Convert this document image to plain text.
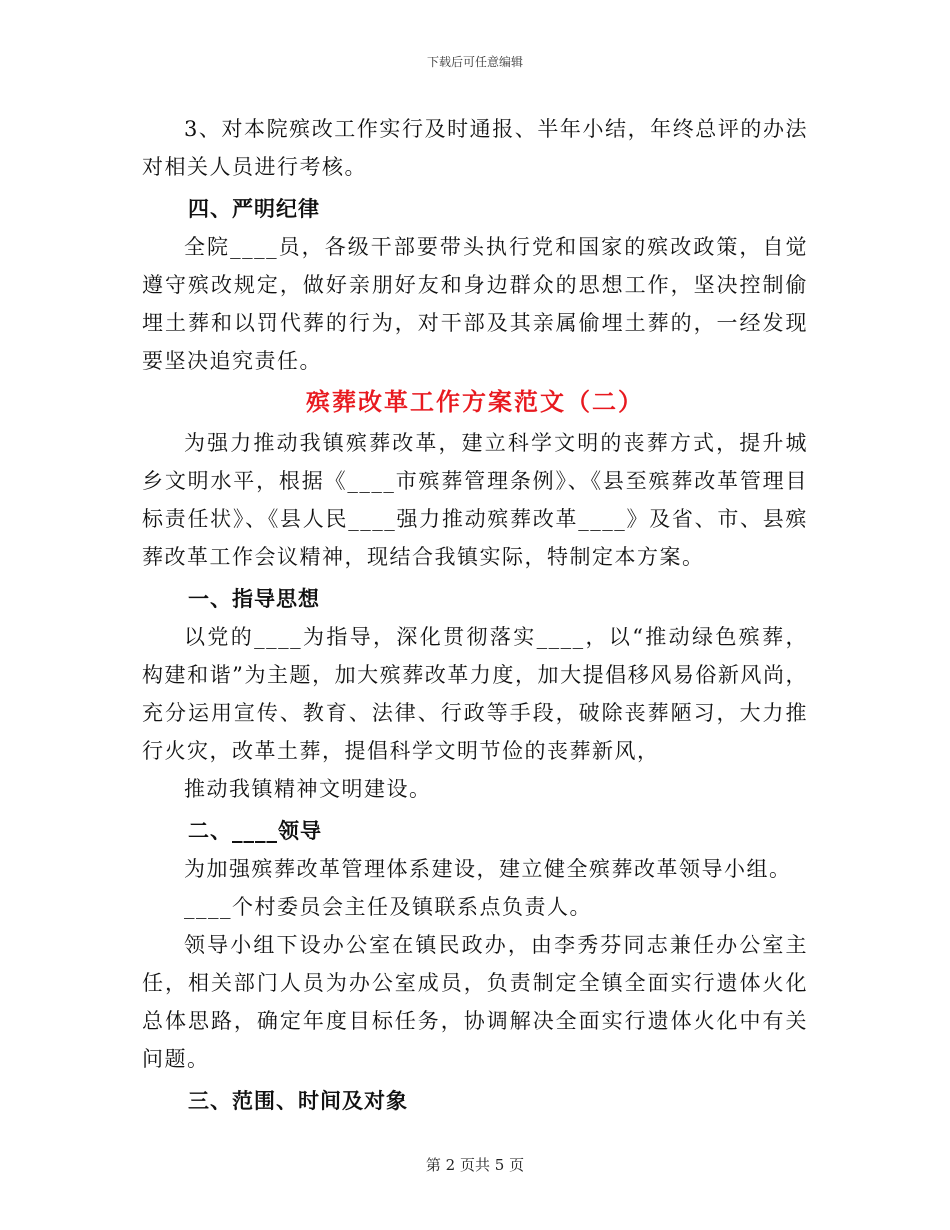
下载后可任意编辑

3、对本院殡改工作实行及时通报、半年小结，年终总评的办法对相关人员进行考核。

四、严明纪律

全院____员，各级干部要带头执行党和国家的殡改政策，自觉遵守殡改规定，做好亲朋好友和身边群众的思想工作，坚决控制偷埋土葬和以罚代葬的行为，对干部及其亲属偷埋土葬的，一经发现要坚决追究责任。

殡葬改革工作方案范文（二）

为强力推动我镇殡葬改革，建立科学文明的丧葬方式，提升城乡文明水平，根据《____市殡葬管理条例》、《县至殡葬改革管理目标责任状》、《县人民____强力推动殡葬改革____》及省、市、县殡葬改革工作会议精神，现结合我镇实际，特制定本方案。

一、指导思想

以党的____为指导，深化贯彻落实____，以“推动绿色殡葬，构建和谐”为主题，加大殡葬改革力度，加大提倡移风易俗新风尚，充分运用宣传、教育、法律、行政等手段，破除丧葬陋习，大力推行火灾，改革土葬，提倡科学文明节俭的丧葬新风，

推动我镇精神文明建设。

二、____领导

为加强殡葬改革管理体系建设，建立健全殡葬改革领导小组。

____个村委员会主任及镇联系点负责人。

领导小组下设办公室在镇民政办，由李秀芬同志兼任办公室主任，相关部门人员为办公室成员，负责制定全镇全面实行遗体火化总体思路，确定年度目标任务，协调解决全面实行遗体火化中有关问题。

三、范围、时间及对象

第 2 页共 5 页
